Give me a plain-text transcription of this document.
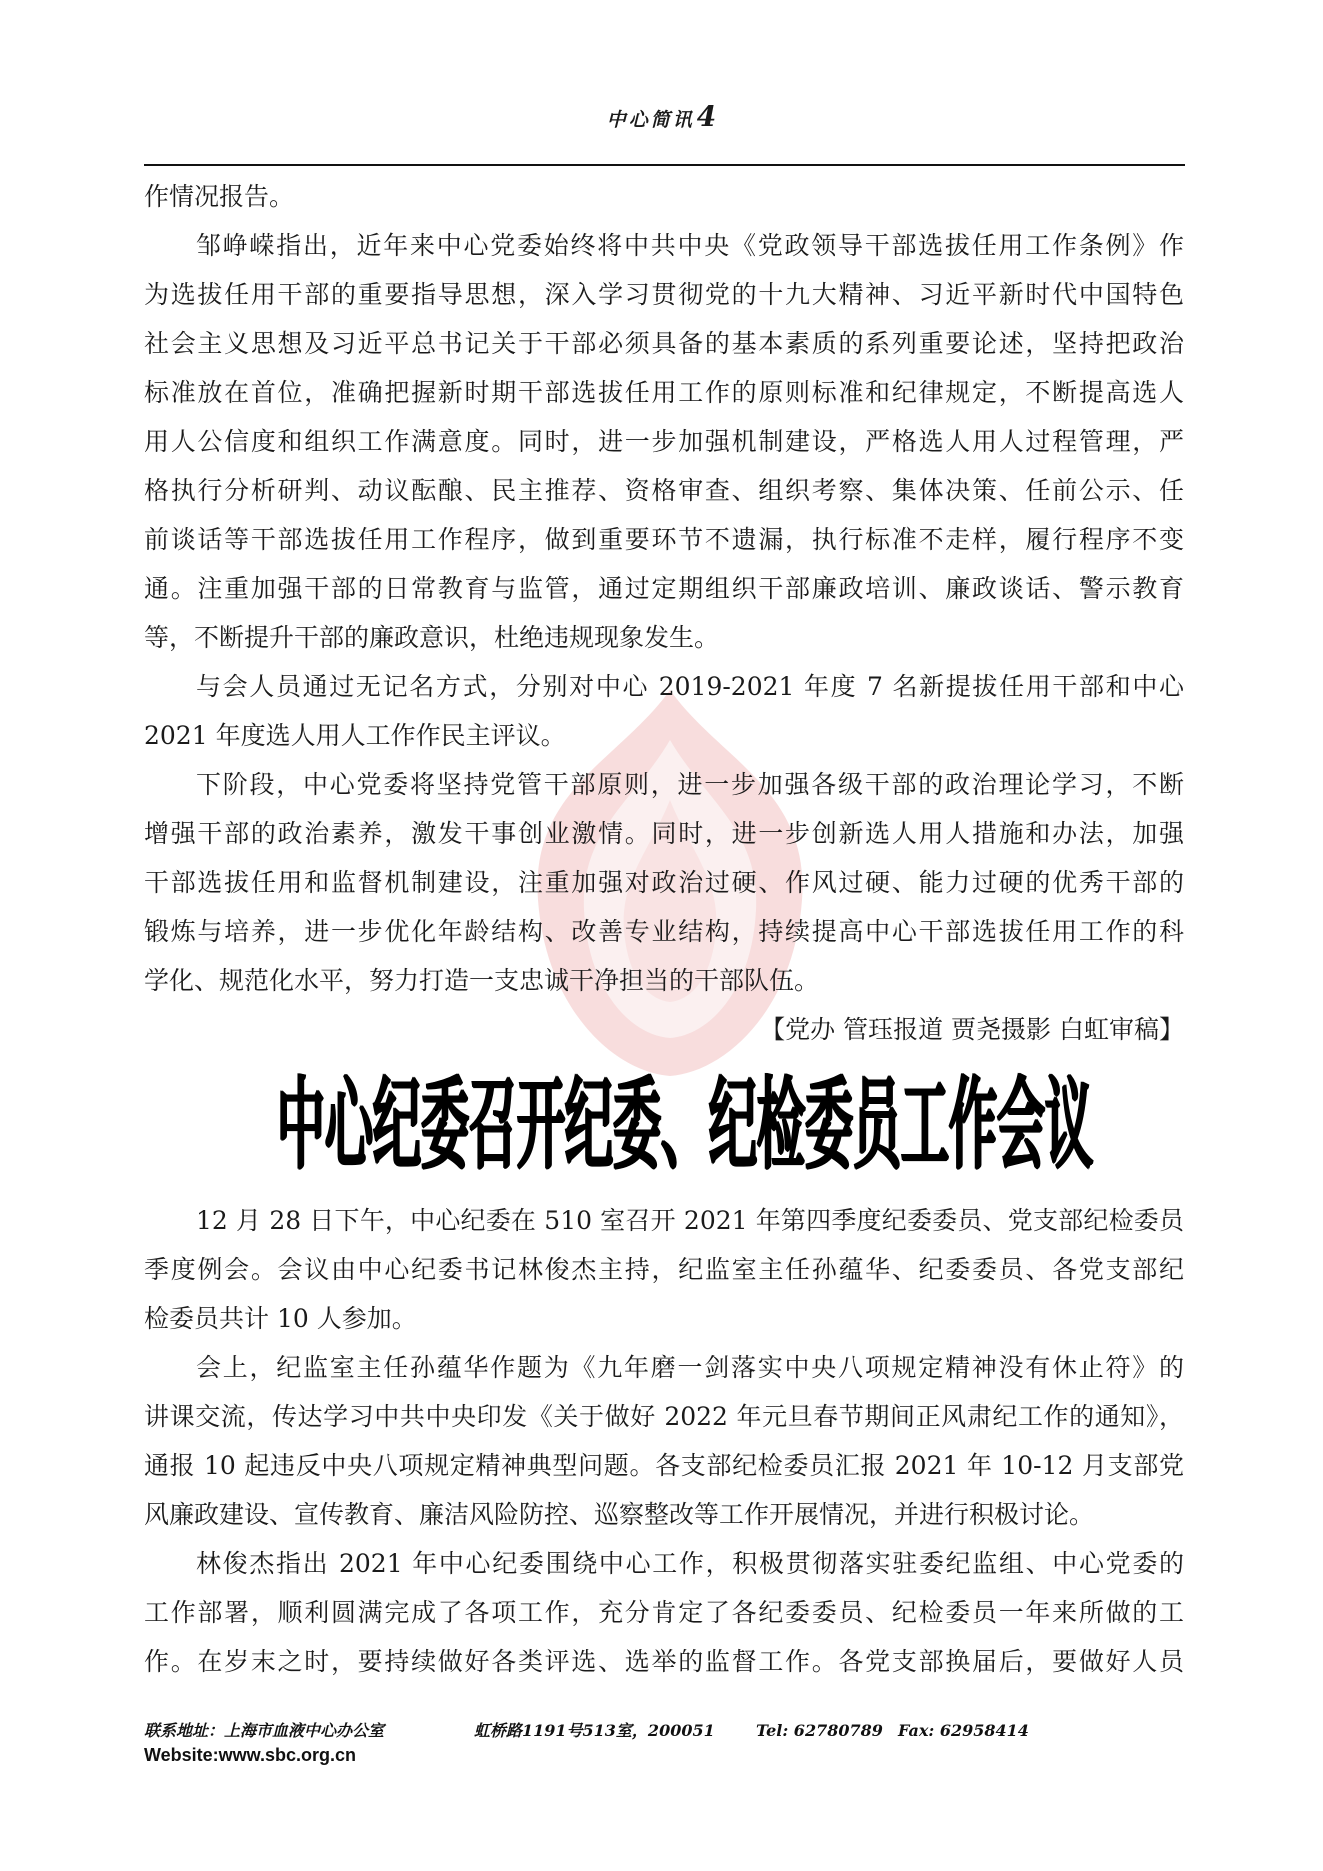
中心简讯4
作情况报告。
邹峥嵘指出，近年来中心党委始终将中共中央《党政领导干部选拔任用工作条例》作
为选拔任用干部的重要指导思想，深入学习贯彻党的十九大精神、习近平新时代中国特色
社会主义思想及习近平总书记关于干部必须具备的基本素质的系列重要论述，坚持把政治
标准放在首位，准确把握新时期干部选拔任用工作的原则标准和纪律规定，不断提高选人
用人公信度和组织工作满意度。同时，进一步加强机制建设，严格选人用人过程管理，严
格执行分析研判、动议酝酿、民主推荐、资格审查、组织考察、集体决策、任前公示、任
前谈话等干部选拔任用工作程序，做到重要环节不遗漏，执行标准不走样，履行程序不变
通。注重加强干部的日常教育与监管，通过定期组织干部廉政培训、廉政谈话、警示教育
等，不断提升干部的廉政意识，杜绝违规现象发生。
与会人员通过无记名方式，分别对中心 2019-2021 年度 7 名新提拔任用干部和中心
2021 年度选人用人工作作民主评议。
下阶段，中心党委将坚持党管干部原则，进一步加强各级干部的政治理论学习，不断
增强干部的政治素养，激发干事创业激情。同时，进一步创新选人用人措施和办法，加强
干部选拔任用和监督机制建设，注重加强对政治过硬、作风过硬、能力过硬的优秀干部的
锻炼与培养，进一步优化年龄结构、改善专业结构，持续提高中心干部选拔任用工作的科
学化、规范化水平，努力打造一支忠诚干净担当的干部队伍。
【党办 管珏报道 贾尧摄影 白虹审稿】
中心纪委召开纪委、纪检委员工作会议
12 月 28 日下午，中心纪委在 510 室召开 2021 年第四季度纪委委员、党支部纪检委员
季度例会。会议由中心纪委书记林俊杰主持，纪监室主任孙蕴华、纪委委员、各党支部纪
检委员共计 10 人参加。
会上，纪监室主任孙蕴华作题为《九年磨一剑落实中央八项规定精神没有休止符》的
讲课交流，传达学习中共中央印发《关于做好 2022 年元旦春节期间正风肃纪工作的通知》，
通报 10 起违反中央八项规定精神典型问题。各支部纪检委员汇报 2021 年 10-12 月支部党
风廉政建设、宣传教育、廉洁风险防控、巡察整改等工作开展情况，并进行积极讨论。
林俊杰指出 2021 年中心纪委围绕中心工作，积极贯彻落实驻委纪监组、中心党委的
工作部署，顺利圆满完成了各项工作，充分肯定了各纪委委员、纪检委员一年来所做的工
作。在岁末之时，要持续做好各类评选、选举的监督工作。各党支部换届后，要做好人员
联系地址：上海市血液中心办公室	虹桥路1191号513室，200051	Tel: 62780789 Fax: 62958414
Website:www.sbc.org.cn
